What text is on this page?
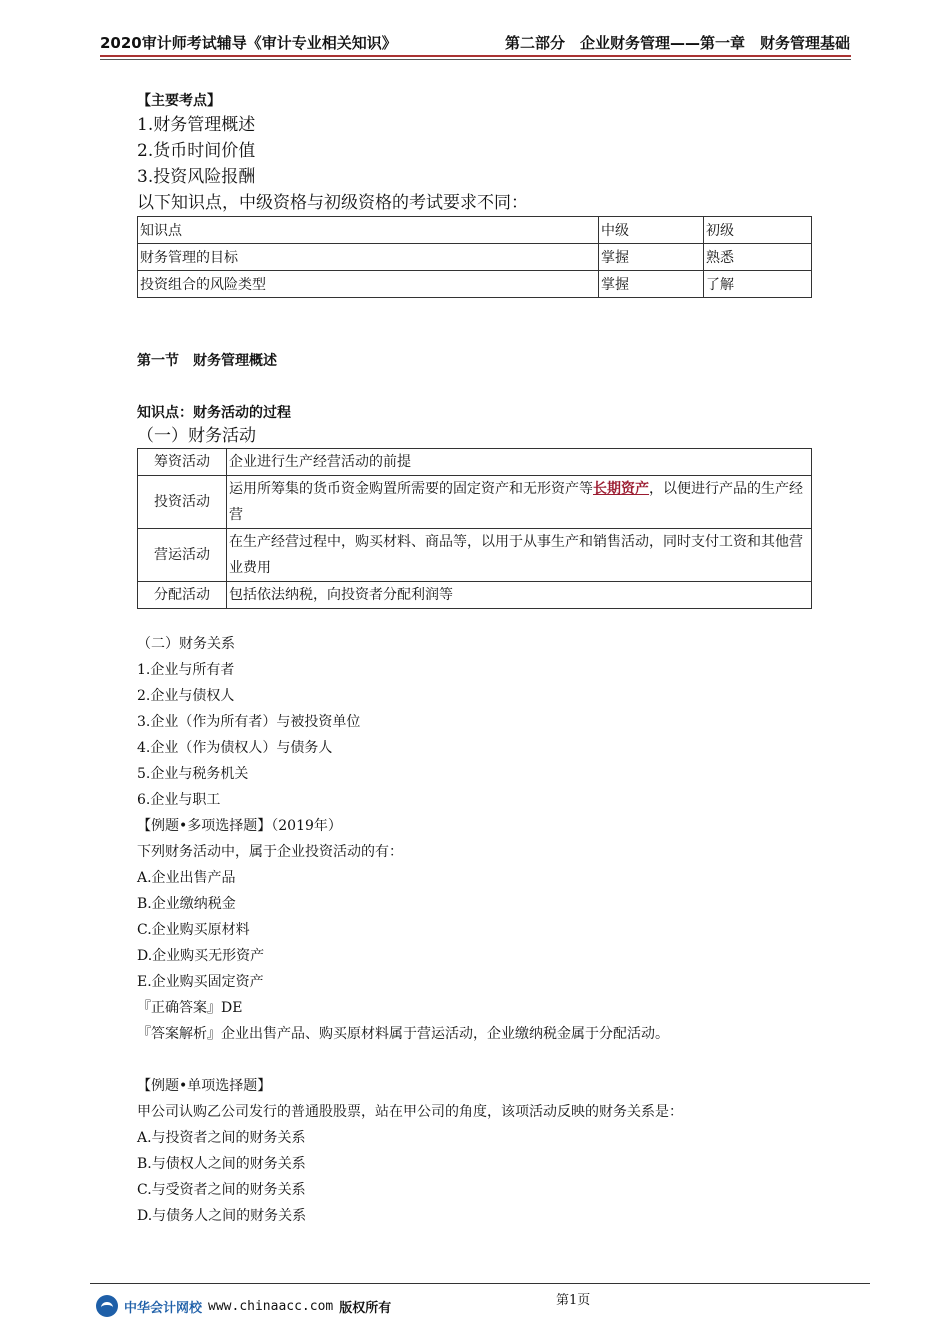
2020审计师考试辅导《审计专业相关知识》	第二部分　企业财务管理——第一章　财务管理基础
【主要考点】
1.财务管理概述
2.货币时间价值
3.投资风险报酬
以下知识点，中级资格与初级资格的考试要求不同：
知识点	中级	初级
财务管理的目标	掌握	熟悉
投资组合的风险类型	掌握	了解
第一节　财务管理概述
知识点：财务活动的过程
（一）财务活动
筹资活动	企业进行生产经营活动的前提
投资活动	运用所筹集的货币资金购置所需要的固定资产和无形资产等长期资产，以便进行产品的生产经营
营运活动	在生产经营过程中，购买材料、商品等，以用于从事生产和销售活动，同时支付工资和其他营业费用
分配活动	包括依法纳税，向投资者分配利润等
（二）财务关系
1.企业与所有者
2.企业与债权人
3.企业（作为所有者）与被投资单位
4.企业（作为债权人）与债务人
5.企业与税务机关
6.企业与职工
【例题•多项选择题】（2019年）
下列财务活动中，属于企业投资活动的有：
A.企业出售产品
B.企业缴纳税金
C.企业购买原材料
D.企业购买无形资产
E.企业购买固定资产
『正确答案』DE
『答案解析』企业出售产品、购买原材料属于营运活动，企业缴纳税金属于分配活动。
【例题•单项选择题】
甲公司认购乙公司发行的普通股股票，站在甲公司的角度，该项活动反映的财务关系是：
A.与投资者之间的财务关系
B.与债权人之间的财务关系
C.与受资者之间的财务关系
D.与债务人之间的财务关系
第1页
中华会计网校 www.chinaacc.com 版权所有
